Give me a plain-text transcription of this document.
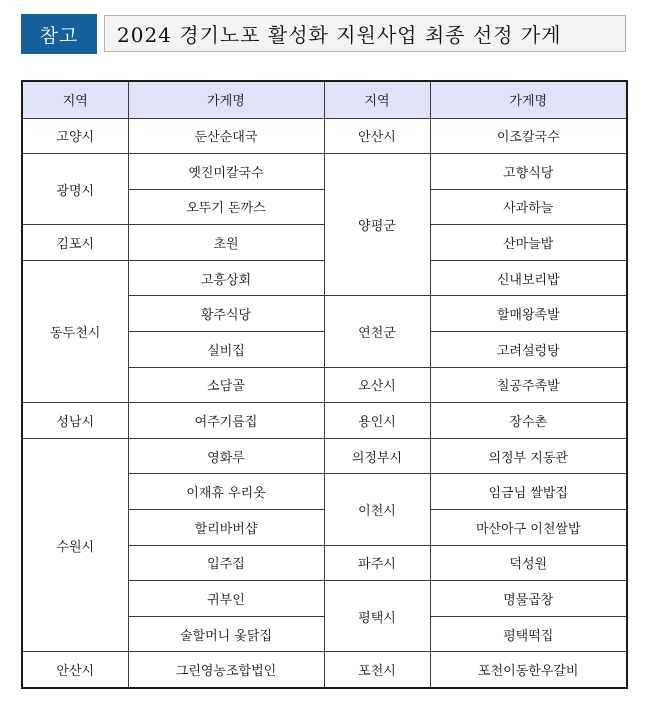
참고	2024 경기노포 활성화 지원사업 최종 선정 가게
지역	가게명	지역	가게명
고양시	둔산순대국	안산시	이조칼국수
광명시	옛진미칼국수	양평군	고향식당
	오뚜기 돈까스		사과하늘
김포시	초원		산마늘밥
동두천시	고흥상회		신내보리밥
	황주식당	연천군	할매왕족발
	실비집		고려설렁탕
	소담골	오산시	칠공주족발
성남시	여주기름집	용인시	장수촌
수원시	영화루	의정부시	의정부 지동관
	이재휴 우리옷	이천시	임금님 쌀밥집
	할리바버샵		마산아구 이천쌀밥
	입주집	파주시	덕성원
	귀부인	평택시	명물곱창
	술할머니 옻닭집		평택떡집
안산시	그린영농조합법인	포천시	포천이동한우갈비
